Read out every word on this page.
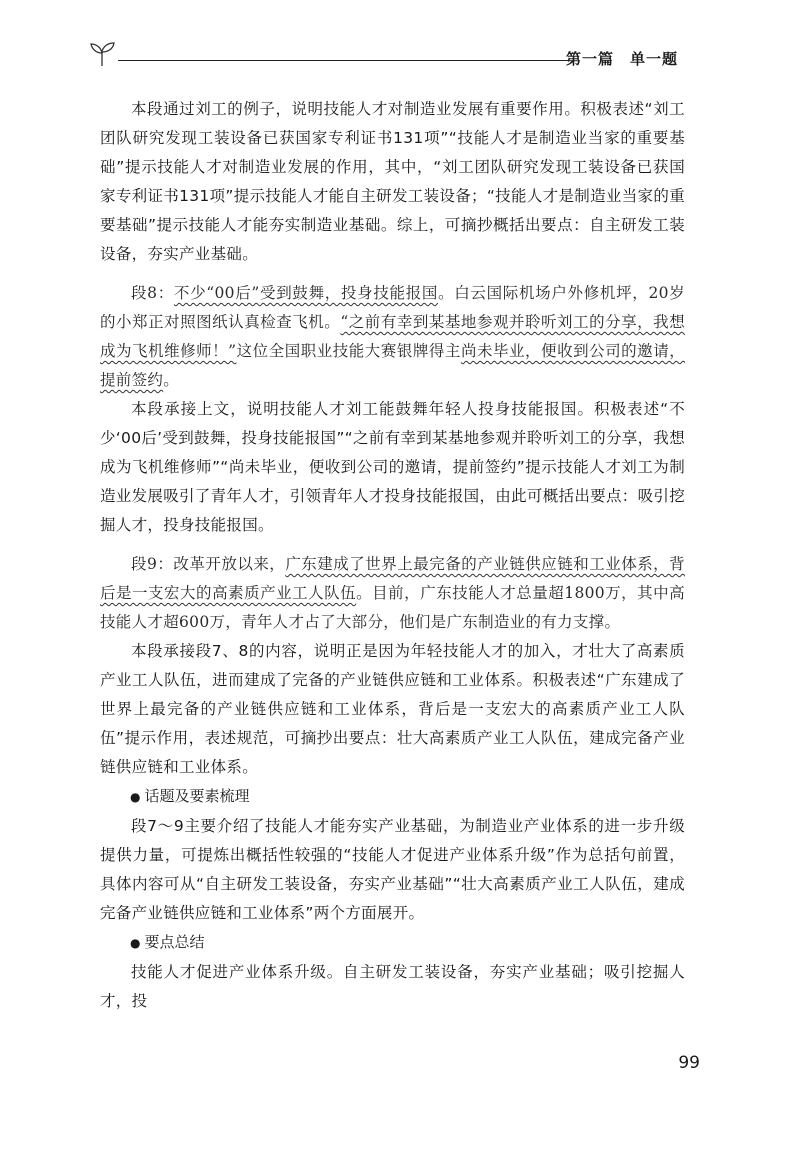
第一篇　单一题

本段通过刘工的例子，说明技能人才对制造业发展有重要作用。积极表述“刘工团队研究发现工装设备已获国家专利证书131项”“技能人才是制造业当家的重要基础”提示技能人才对制造业发展的作用，其中，“刘工团队研究发现工装设备已获国家专利证书131项”提示技能人才能自主研发工装设备；“技能人才是制造业当家的重要基础”提示技能人才能夯实制造业基础。综上，可摘抄概括出要点：自主研发工装设备，夯实产业基础。

段8：不少“00后”受到鼓舞，投身技能报国。白云国际机场户外修机坪，20岁的小郑正对照图纸认真检查飞机。“之前有幸到某基地参观并聆听刘工的分享，我想成为飞机维修师！”这位全国职业技能大赛银牌得主尚未毕业，便收到公司的邀请，提前签约。

本段承接上文，说明技能人才刘工能鼓舞年轻人投身技能报国。积极表述“不少‘00后’受到鼓舞，投身技能报国”“之前有幸到某基地参观并聆听刘工的分享，我想成为飞机维修师”“尚未毕业，便收到公司的邀请，提前签约”提示技能人才刘工为制造业发展吸引了青年人才，引领青年人才投身技能报国，由此可概括出要点：吸引挖掘人才，投身技能报国。

段9：改革开放以来，广东建成了世界上最完备的产业链供应链和工业体系，背后是一支宏大的高素质产业工人队伍。目前，广东技能人才总量超1800万，其中高技能人才超600万，青年人才占了大部分，他们是广东制造业的有力支撑。

本段承接段7、8的内容，说明正是因为年轻技能人才的加入，才壮大了高素质产业工人队伍，进而建成了完备的产业链供应链和工业体系。积极表述“广东建成了世界上最完备的产业链供应链和工业体系，背后是一支宏大的高素质产业工人队伍”提示作用，表述规范，可摘抄出要点：壮大高素质产业工人队伍，建成完备产业链供应链和工业体系。

● 话题及要素梳理

段7～9主要介绍了技能人才能夯实产业基础，为制造业产业体系的进一步升级提供力量，可提炼出概括性较强的“技能人才促进产业体系升级”作为总括句前置，具体内容可从“自主研发工装设备，夯实产业基础”“壮大高素质产业工人队伍，建成完备产业链供应链和工业体系”两个方面展开。

● 要点总结

技能人才促进产业体系升级。自主研发工装设备，夯实产业基础；吸引挖掘人才，投

99
